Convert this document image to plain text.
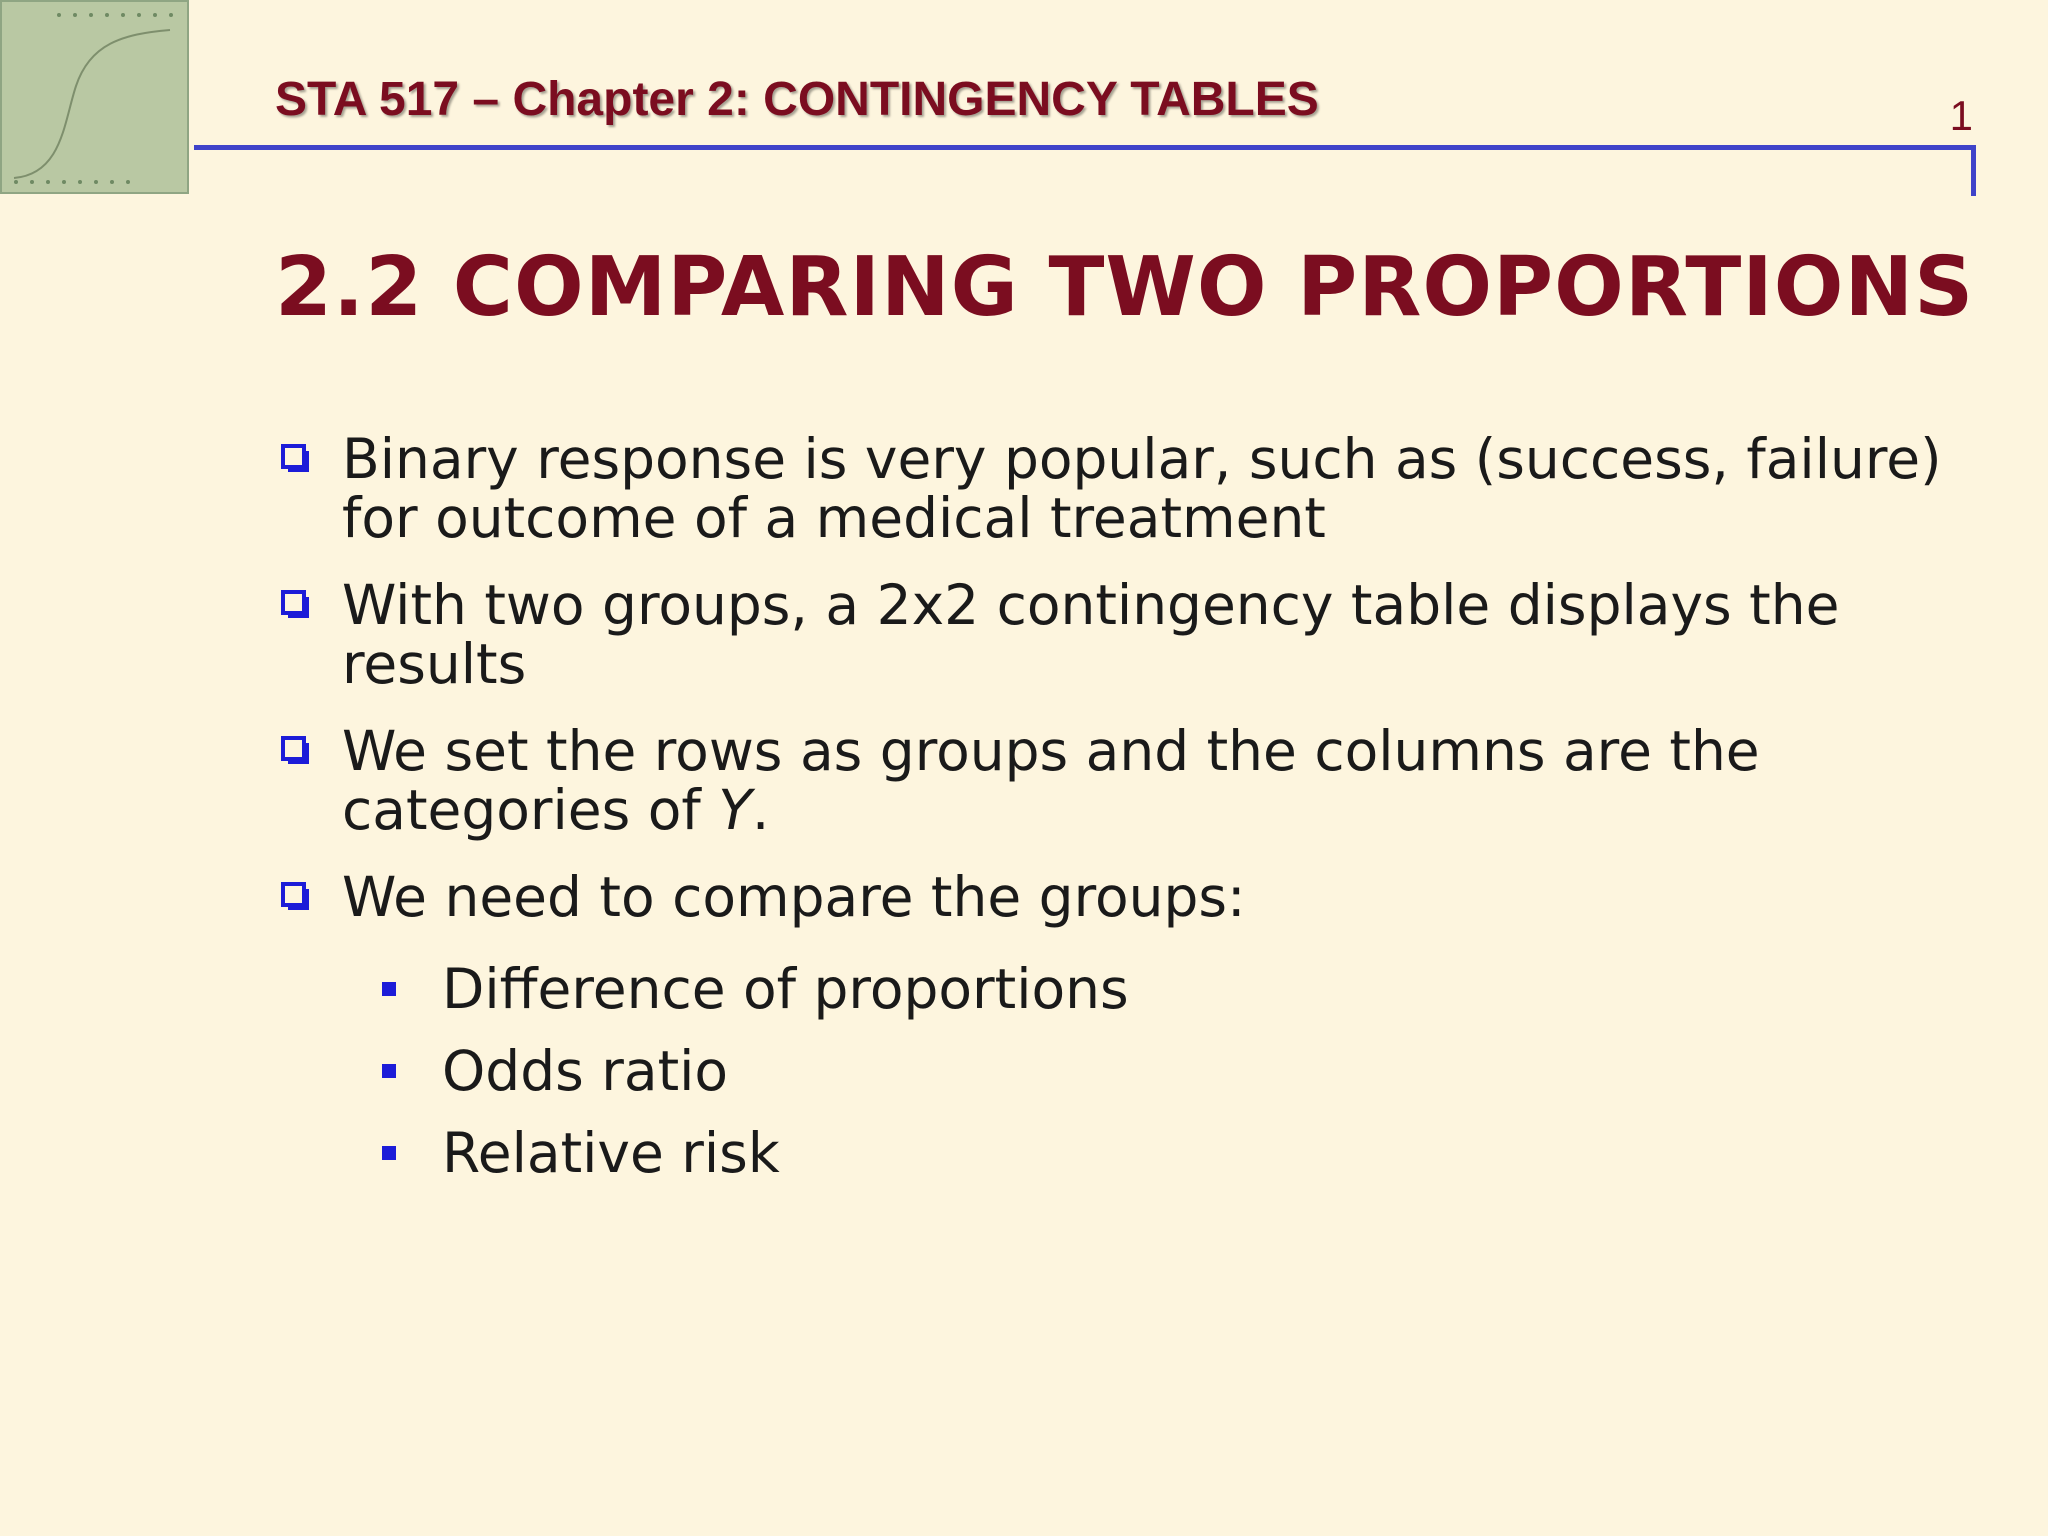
STA 517 – Chapter 2: CONTINGENCY TABLES	1
2.2 COMPARING TWO PROPORTIONS
Binary response is very popular, such as (success, failure) for outcome of a medical treatment
With two groups, a 2x2 contingency table displays the results
We set the rows as groups and the columns are the categories of Y.
We need to compare the groups:
Difference of proportions
Odds ratio
Relative risk
